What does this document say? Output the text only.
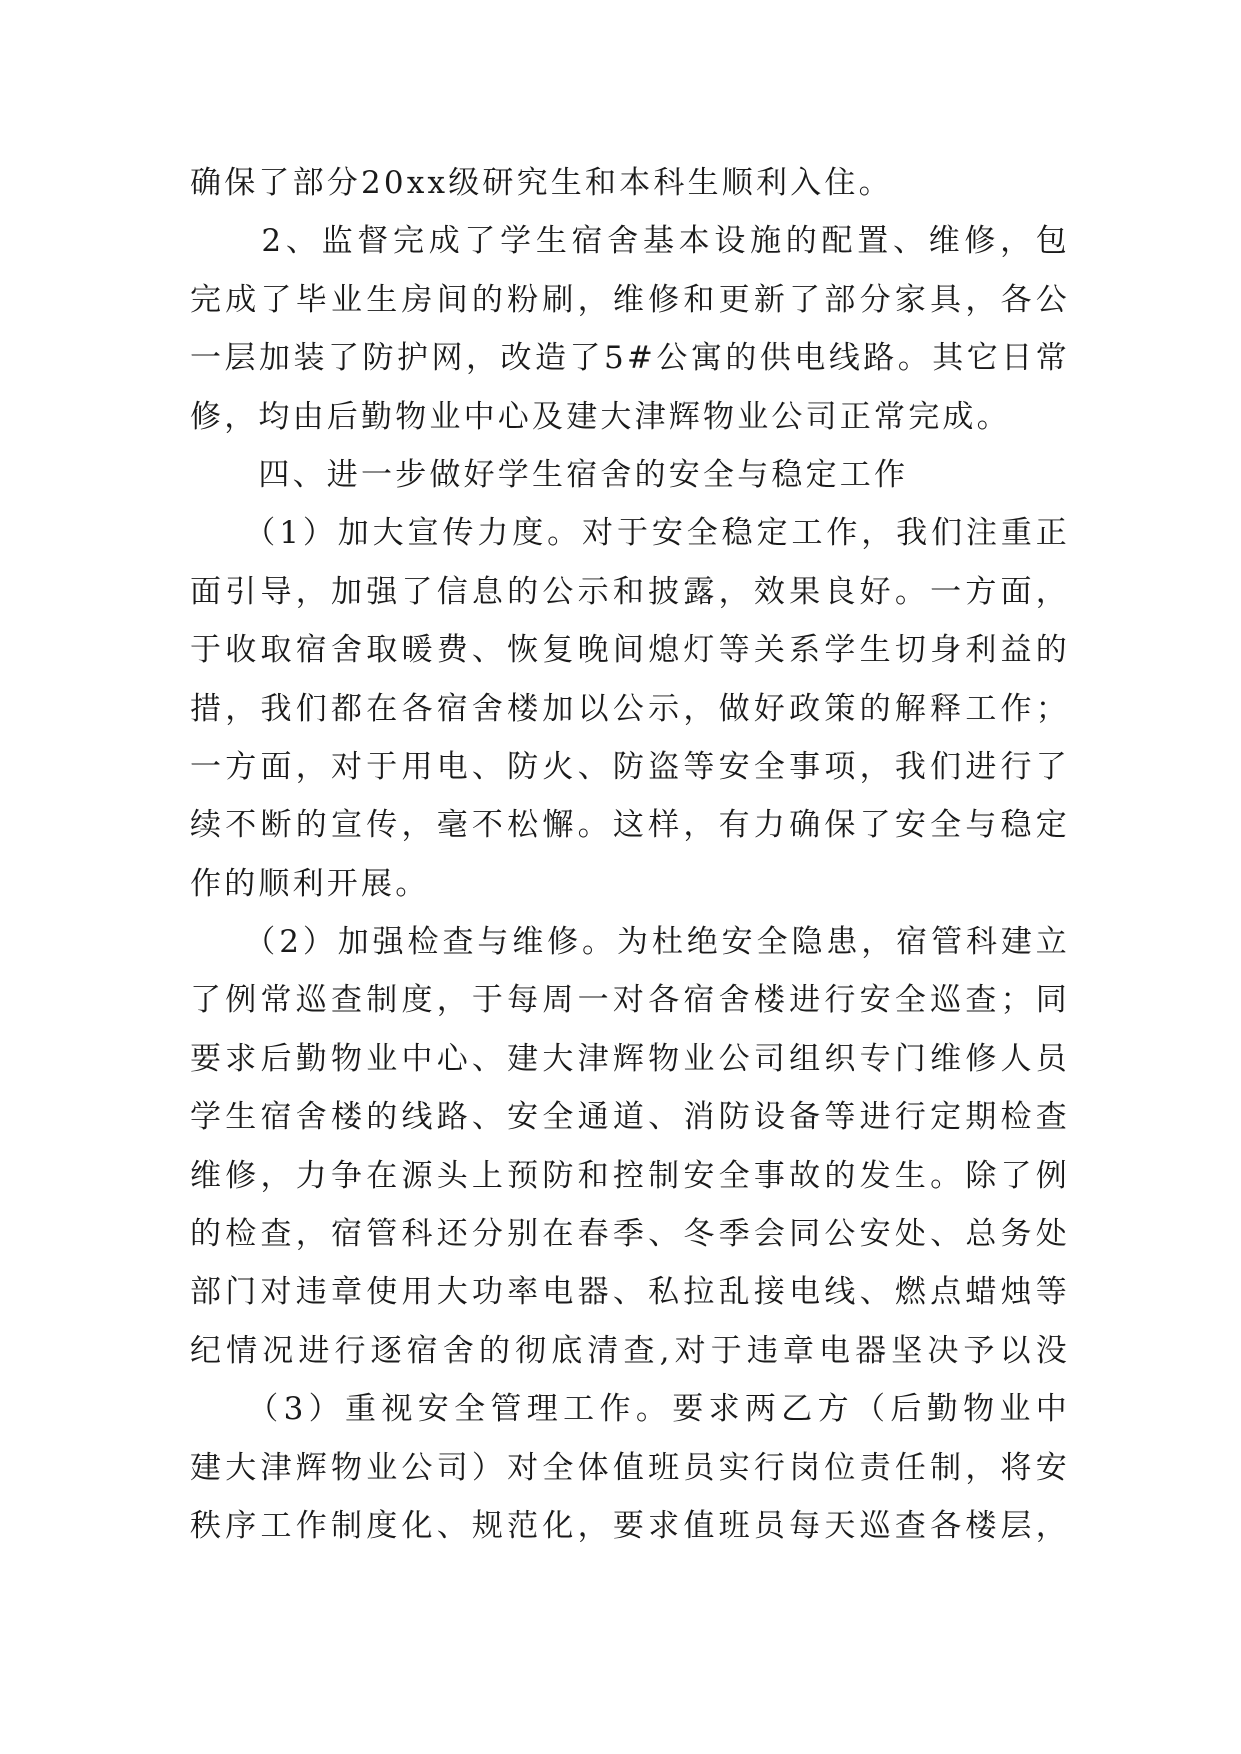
确保了部分20xx级研究生和本科生顺利入住。
　　2、监督完成了学生宿舍基本设施的配置、维修，包
完成了毕业生房间的粉刷，维修和更新了部分家具，各公
一层加装了防护网，改造了5#公寓的供电线路。其它日常
修，均由后勤物业中心及建大津辉物业公司正常完成。
　　四、进一步做好学生宿舍的安全与稳定工作
　　（1）加大宣传力度。对于安全稳定工作，我们注重正
面引导，加强了信息的公示和披露，效果良好。一方面，
于收取宿舍取暖费、恢复晚间熄灯等关系学生切身利益的
措，我们都在各宿舍楼加以公示，做好政策的解释工作；
一方面，对于用电、防火、防盗等安全事项，我们进行了
续不断的宣传，毫不松懈。这样，有力确保了安全与稳定
作的顺利开展。
　　（2）加强检查与维修。为杜绝安全隐患，宿管科建立
了例常巡查制度，于每周一对各宿舍楼进行安全巡查；同
要求后勤物业中心、建大津辉物业公司组织专门维修人员
学生宿舍楼的线路、安全通道、消防设备等进行定期检查
维修，力争在源头上预防和控制安全事故的发生。除了例
的检查，宿管科还分别在春季、冬季会同公安处、总务处
部门对违章使用大功率电器、私拉乱接电线、燃点蜡烛等
纪情况进行逐宿舍的彻底清查,对于违章电器坚决予以没
　　（3）重视安全管理工作。要求两乙方（后勤物业中
建大津辉物业公司）对全体值班员实行岗位责任制，将安
秩序工作制度化、规范化，要求值班员每天巡查各楼层，
